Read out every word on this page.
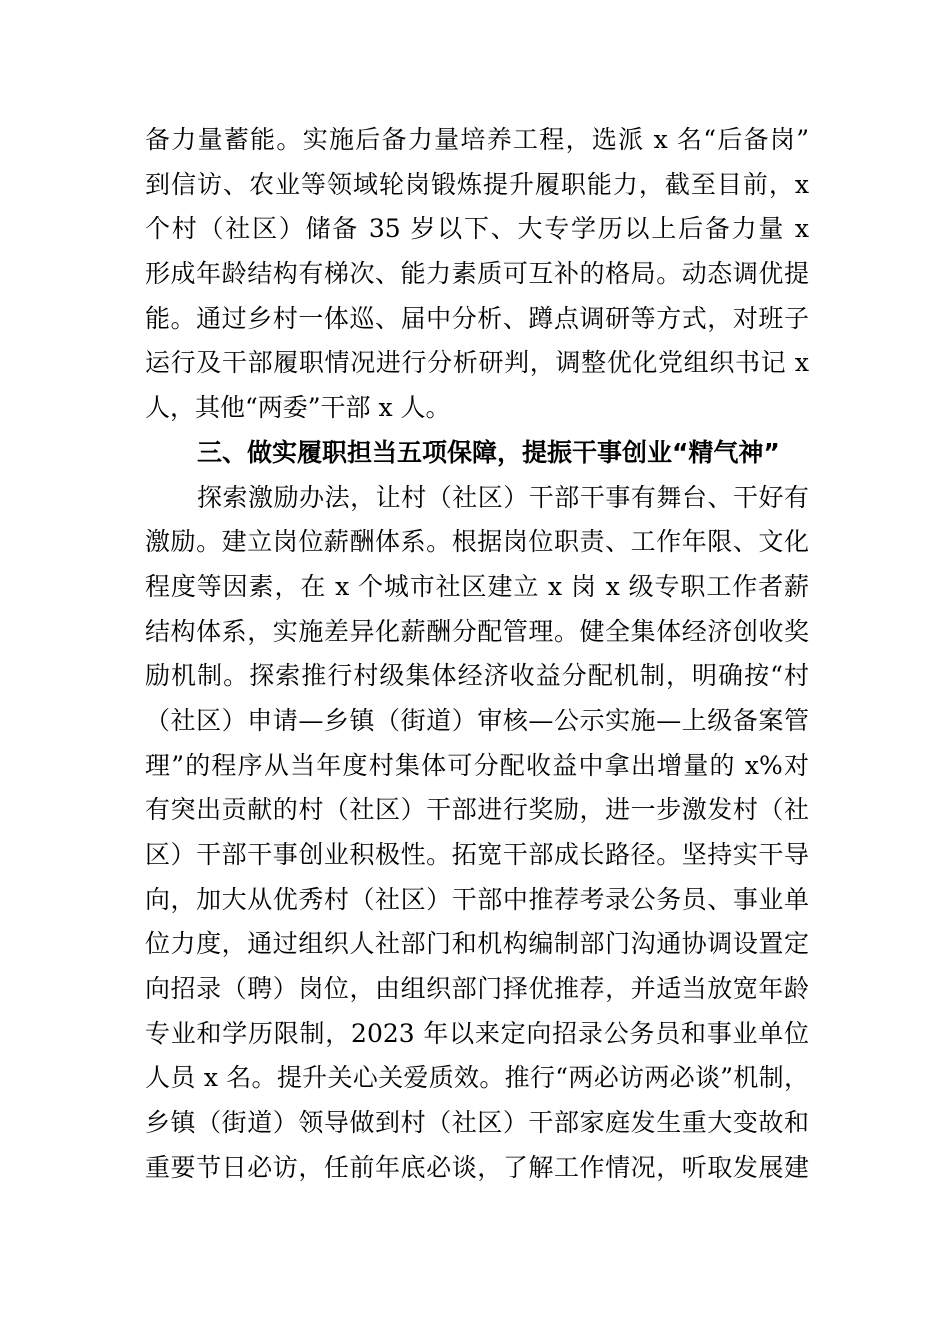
备力量蓄能。实施后备力量培养工程，选派 x 名“后备岗”
到信访、农业等领域轮岗锻炼提升履职能力，截至目前，x
个村（社区）储备 35 岁以下、大专学历以上后备力量 x
形成年龄结构有梯次、能力素质可互补的格局。动态调优提
能。通过乡村一体巡、届中分析、蹲点调研等方式，对班子
运行及干部履职情况进行分析研判，调整优化党组织书记 x
人，其他“两委”干部 x 人。
三、做实履职担当五项保障，提振干事创业“精气神”
探索激励办法，让村（社区）干部干事有舞台、干好有
激励。建立岗位薪酬体系。根据岗位职责、工作年限、文化
程度等因素，在 x 个城市社区建立 x 岗 x 级专职工作者薪
结构体系，实施差异化薪酬分配管理。健全集体经济创收奖
励机制。探索推行村级集体经济收益分配机制，明确按“村
（社区）申请—乡镇（街道）审核—公示实施—上级备案管
理”的程序从当年度村集体可分配收益中拿出增量的 x%对
有突出贡献的村（社区）干部进行奖励，进一步激发村（社
区）干部干事创业积极性。拓宽干部成长路径。坚持实干导
向，加大从优秀村（社区）干部中推荐考录公务员、事业单
位力度，通过组织人社部门和机构编制部门沟通协调设置定
向招录（聘）岗位，由组织部门择优推荐，并适当放宽年龄
专业和学历限制，2023 年以来定向招录公务员和事业单位
人员 x 名。提升关心关爱质效。推行“两必访两必谈”机制，
乡镇（街道）领导做到村（社区）干部家庭发生重大变故和
重要节日必访，任前年底必谈，了解工作情况，听取发展建
